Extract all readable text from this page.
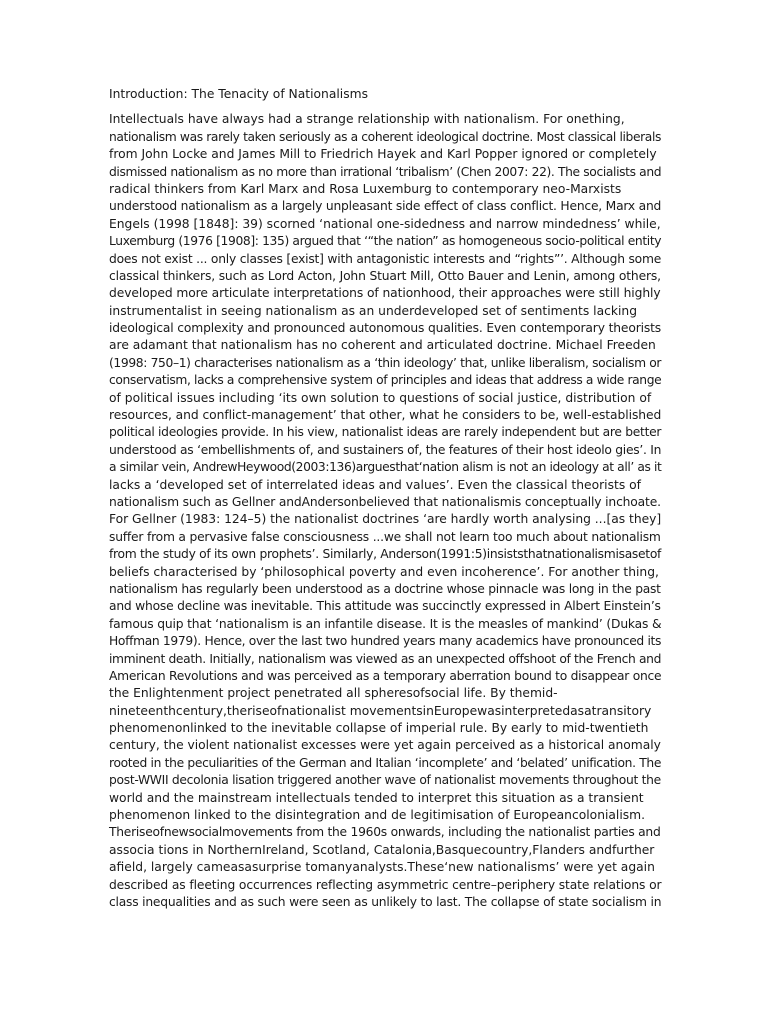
Introduction: The Tenacity of Nationalisms
Intellectuals have always had a strange relationship with nationalism. For onething,
nationalism was rarely taken seriously as a coherent ideological doctrine. Most classical liberals
from John Locke and James Mill to Friedrich Hayek and Karl Popper ignored or completely
dismissed nationalism as no more than irrational ‘tribalism’ (Chen 2007: 22). The socialists and
radical thinkers from Karl Marx and Rosa Luxemburg to contemporary neo-Marxists
understood nationalism as a largely unpleasant side effect of class conflict. Hence, Marx and
Engels (1998 [1848]: 39) scorned ‘national one-sidedness and narrow mindedness’ while,
Luxemburg (1976 [1908]: 135) argued that ‘“the nation” as homogeneous socio-political entity
does not exist ... only classes [exist] with antagonistic interests and “rights”’. Although some
classical thinkers, such as Lord Acton, John Stuart Mill, Otto Bauer and Lenin, among others,
developed more articulate interpretations of nationhood, their approaches were still highly
instrumentalist in seeing nationalism as an underdeveloped set of sentiments lacking
ideological complexity and pronounced autonomous qualities. Even contemporary theorists
are adamant that nationalism has no coherent and articulated doctrine. Michael Freeden
(1998: 750–1) characterises nationalism as a ‘thin ideology’ that, unlike liberalism, socialism or
conservatism, lacks a comprehensive system of principles and ideas that address a wide range
of political issues including ‘its own solution to questions of social justice, distribution of
resources, and conflict-management’ that other, what he considers to be, well-established
political ideologies provide. In his view, nationalist ideas are rarely independent but are better
understood as ‘embellishments of, and sustainers of, the features of their host ideolo gies’. In
a similar vein, AndrewHeywood(2003:136)arguesthat‘nation alism is not an ideology at all’ as it
lacks a ‘developed set of interrelated ideas and values’. Even the classical theorists of
nationalism such as Gellner andAndersonbelieved that nationalismis conceptually inchoate.
For Gellner (1983: 124–5) the nationalist doctrines ‘are hardly worth analysing ...[as they]
suffer from a pervasive false consciousness ...we shall not learn too much about nationalism
from the study of its own prophets’. Similarly, Anderson(1991:5)insiststhatnationalismisasetof
beliefs characterised by ‘philosophical poverty and even incoherence’. For another thing,
nationalism has regularly been understood as a doctrine whose pinnacle was long in the past
and whose decline was inevitable. This attitude was succinctly expressed in Albert Einstein’s
famous quip that ‘nationalism is an infantile disease. It is the measles of mankind’ (Dukas &
Hoffman 1979). Hence, over the last two hundred years many academics have pronounced its
imminent death. Initially, nationalism was viewed as an unexpected offshoot of the French and
American Revolutions and was perceived as a temporary aberration bound to disappear once
the Enlightenment project penetrated all spheresofsocial life. By themid-
nineteenthcentury,theriseofnationalist movementsinEuropewasinterpretedasatransitory
phenomenonlinked to the inevitable collapse of imperial rule. By early to mid-twentieth
century, the violent nationalist excesses were yet again perceived as a historical anomaly
rooted in the peculiarities of the German and Italian ‘incomplete’ and ‘belated’ unification. The
post-WWII decolonia lisation triggered another wave of nationalist movements throughout the
world and the mainstream intellectuals tended to interpret this situation as a transient
phenomenon linked to the disintegration and de legitimisation of Europeancolonialism.
Theriseofnewsocialmovements from the 1960s onwards, including the nationalist parties and
associa tions in NorthernIreland, Scotland, Catalonia,Basquecountry,Flanders andfurther
afield, largely cameasasurprise tomanyanalysts.These‘new nationalisms’ were yet again
described as fleeting occurrences reflecting asymmetric centre–periphery state relations or
class inequalities and as such were seen as unlikely to last. The collapse of state socialism in
